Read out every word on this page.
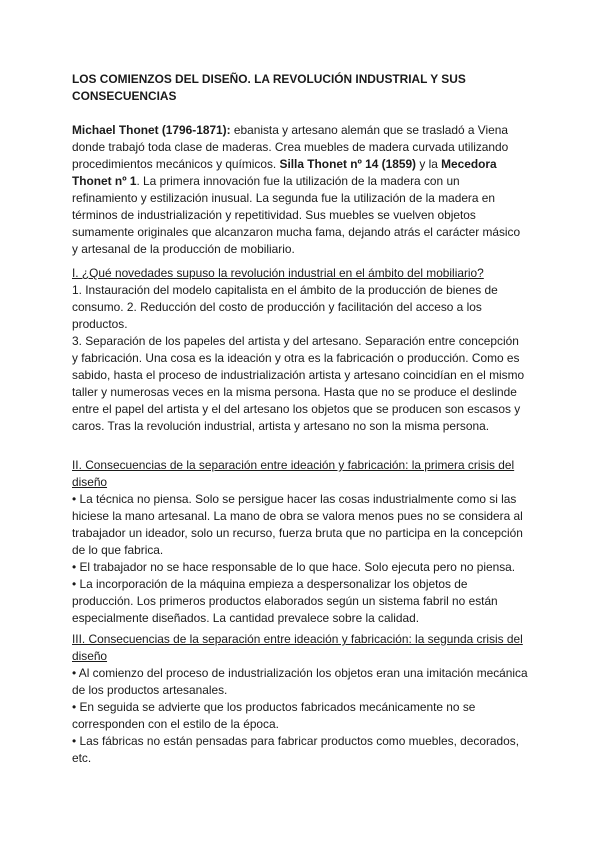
LOS COMIENZOS DEL DISEÑO. LA REVOLUCIÓN INDUSTRIAL Y SUS CONSECUENCIAS

Michael Thonet (1796-1871): ebanista y artesano alemán que se trasladó a Viena donde trabajó toda clase de maderas. Crea muebles de madera curvada utilizando procedimientos mecánicos y químicos. Silla Thonet nº 14 (1859) y la Mecedora Thonet nº 1. La primera innovación fue la utilización de la madera con un refinamiento y estilización inusual. La segunda fue la utilización de la madera en términos de industrialización y repetitividad. Sus muebles se vuelven objetos sumamente originales que alcanzaron mucha fama, dejando atrás el carácter másico y artesanal de la producción de mobiliario.

I. ¿Qué novedades supuso la revolución industrial en el ámbito del mobiliario?

1. Instauración del modelo capitalista en el ámbito de la producción de bienes de consumo. 2. Reducción del costo de producción y facilitación del acceso a los productos.

3. Separación de los papeles del artista y del artesano. Separación entre concepción y fabricación. Una cosa es la ideación y otra es la fabricación o producción. Como es sabido, hasta el proceso de industrialización artista y artesano coincidían en el mismo taller y numerosas veces en la misma persona. Hasta que no se produce el deslinde entre el papel del artista y el del artesano los objetos que se producen son escasos y caros. Tras la revolución industrial, artista y artesano no son la misma persona.

II. Consecuencias de la separación entre ideación y fabricación: la primera crisis del diseño

• La técnica no piensa. Solo se persigue hacer las cosas industrialmente como si las hiciese la mano artesanal. La mano de obra se valora menos pues no se considera al trabajador un ideador, solo un recurso, fuerza bruta que no participa en la concepción de lo que fabrica.

• El trabajador no se hace responsable de lo que hace. Solo ejecuta pero no piensa.

• La incorporación de la máquina empieza a despersonalizar los objetos de producción. Los primeros productos elaborados según un sistema fabril no están especialmente diseñados. La cantidad prevalece sobre la calidad.

III. Consecuencias de la separación entre ideación y fabricación: la segunda crisis del diseño

• Al comienzo del proceso de industrialización los objetos eran una imitación mecánica de los productos artesanales.

• En seguida se advierte que los productos fabricados mecánicamente no se corresponden con el estilo de la época.

• Las fábricas no están pensadas para fabricar productos como muebles, decorados, etc.
